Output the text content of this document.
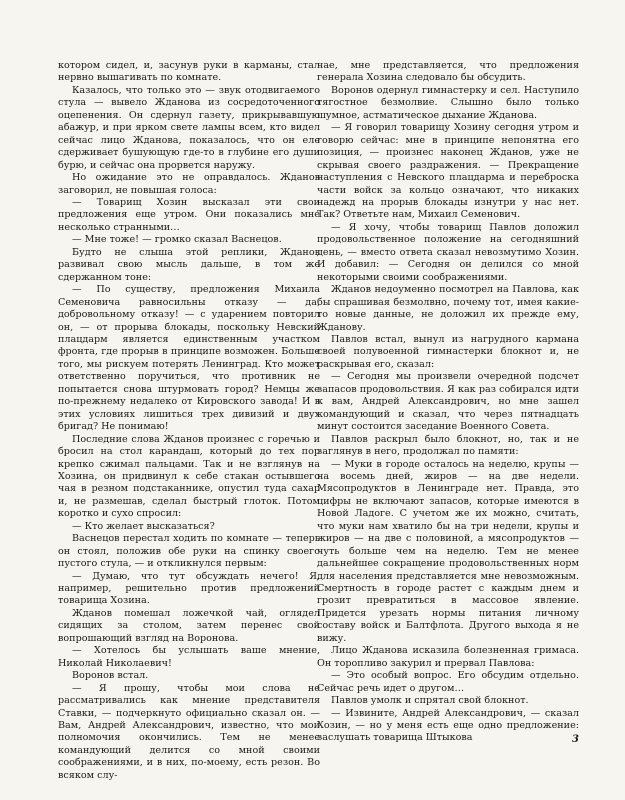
котором сидел, и, засунув руки в карманы, стал нервно вышагивать по комнате.

Казалось, что только это — звук отодвигаемого стула — вывело Жданова из сосредоточенного оцепенения. Он сдернул газету, прикрывавшую абажур, и при ярком свете лампы всем, кто видел сейчас лицо Жданова, показалось, что он еле сдерживает бушующую где-то в глубине его души бурю, и сейчас она прорвется наружу.

Но ожидание это не оправдалось. Жданов заговорил, не повышая голоса:

— Товарищ Хозин высказал эти свои предложения еще утром. Они показались мне несколько странными…

— Мне тоже! — громко сказал Васнецов.

Будто не слыша этой реплики, Жданов развивал свою мысль дальше, в том же сдержанном тоне:

— По существу, предложения Михаила Семеновича равносильны отказу — да, добровольному отказу! — с ударением повторил он, — от прорыва блокады, поскольку Невский плацдарм является единственным участком фронта, где прорыв в принципе возможен. Больше того, мы рискуем потерять Ленинград. Кто может ответственно поручиться, что противник не попытается снова штурмовать город? Немцы же по-прежнему недалеко от Кировского завода! И в этих условиях лишиться трех дивизий и двух бригад? Не понимаю!

Последние слова Жданов произнес с горечью и бросил на стол карандаш, который до тех пор крепко сжимал пальцами. Так и не взглянув на Хозина, он придвинул к себе стакан остывшего чая в резном подстаканнике, опустил туда сахар и, не размешав, сделал быстрый глоток. Потом коротко и сухо спросил:

— Кто желает высказаться?

Васнецов перестал ходить по комнате — теперь он стоял, положив обе руки на спинку своего пустого стула, — и откликнулся первым:

— Думаю, что тут обсуждать нечего! Я, например, решительно против предложений товарища Хозина.

Жданов помешал ложечкой чай, оглядел сидящих за столом, затем перенес свой вопрошающий взгляд на Воронова.

— Хотелось бы услышать ваше мнение, Николай Николаевич!

Воронов встал.

— Я прошу, чтобы мои слова не рассматривались как мнение представителя Ставки, — подчеркнуто официально сказал он. — Вам, Андрей Александрович, известно, что мои полномочия окончились. Тем не менее командующий делится со мной своими соображениями, и в них, по-моему, есть резон. Во всяком слу-

чае, мне представляется, что предложения генерала Хозина следовало бы обсудить.

Воронов одернул гимнастерку и сел. Наступило тягостное безмолвие. Слышно было только шумное, астматическое дыхание Жданова.

— Я говорил товарищу Хозину сегодня утром и говорю сейчас: мне в принципе непонятна его позиция, — произнес наконец Жданов, уже не скрывая своего раздражения. — Прекращение наступления с Невского плацдарма и переброска части войск за кольцо означают, что никаких надежд на прорыв блокады изнутри у нас нет. Так? Ответьте нам, Михаил Семенович.

— Я хочу, чтобы товарищ Павлов доложил продовольственное положение на сегодняшний день, — вместо ответа сказал невозмутимо Хозин. И добавил: — Сегодня он делился со мной некоторыми своими соображениями.

Жданов недоуменно посмотрел на Павлова, как бы спрашивая безмолвно, почему тот, имея какие-то новые данные, не доложил их прежде ему, Жданову.

Павлов встал, вынул из нагрудного кармана своей полувоенной гимнастерки блокнот и, не раскрывая его, сказал:

— Сегодня мы произвели очередной подсчет запасов продовольствия. Я как раз собирался идти к вам, Андрей Александрович, но мне зашел командующий и сказал, что через пятнадцать минут состоится заседание Военного Совета.

Павлов раскрыл было блокнот, но, так и не заглянув в него, продолжал по памяти:

— Муки в городе осталось на неделю, крупы — на восемь дней, жиров — на две недели. Мясопродуктов в Ленинграде нет. Правда, это цифры не включают запасов, которые имеются в Новой Ладоге. С учетом же их можно, считать, что муки нам хватило бы на три недели, крупы и жиров — на две с половиной, а мясопродуктов — чуть больше чем на неделю. Тем не менее дальнейшее сокращение продовольственных норм для населения представляется мне невозможным. Смертность в городе растет с каждым днем и грозит превратиться в массовое явление. Придется урезать нормы питания личному составу войск и Балтфлота. Другого выхода я не вижу.

Лицо Жданова исказила болезненная гримаса. Он торопливо закурил и прервал Павлова:

— Это особый вопрос. Его обсудим отдельно. Сейчас речь идет о другом…

Павлов умолк и спрятал свой блокнот.

— Извините, Андрей Александрович, — сказал Хозин, — но у меня есть еще одно предложение: заслушать товарища Штыкова	3
